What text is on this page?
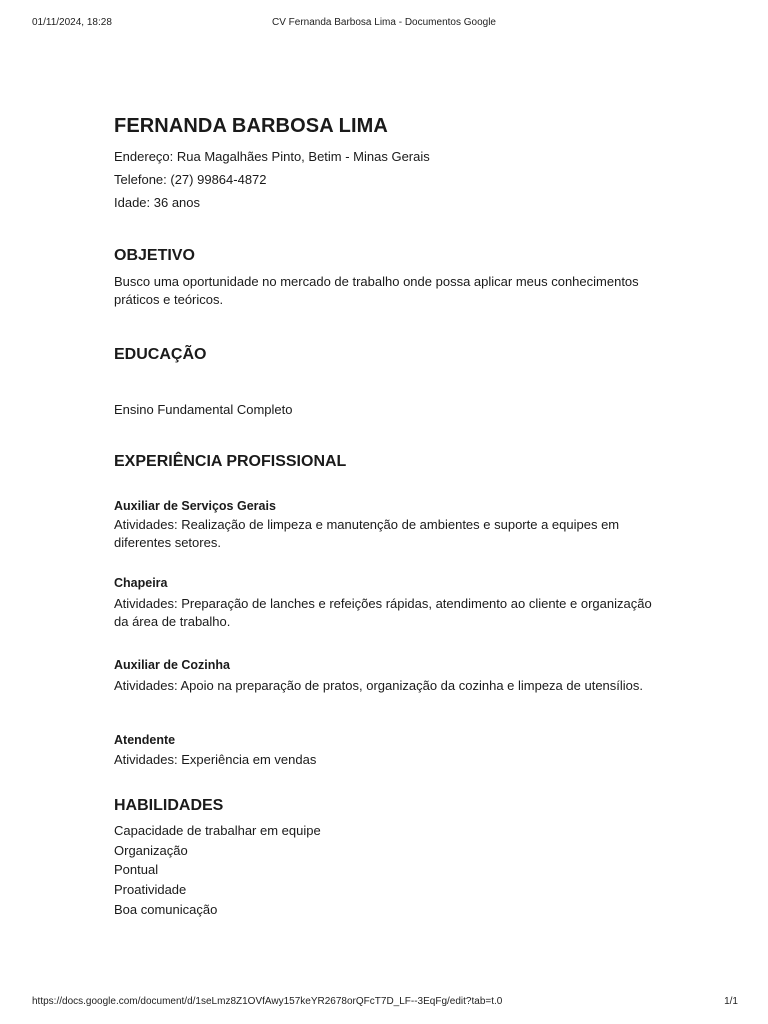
01/11/2024, 18:28	CV Fernanda Barbosa Lima - Documentos Google
FERNANDA BARBOSA LIMA
Endereço: Rua Magalhães Pinto, Betim - Minas Gerais
Telefone: (27) 99864-4872
Idade: 36 anos
OBJETIVO
Busco uma oportunidade no mercado de trabalho onde possa aplicar meus conhecimentos práticos e teóricos.
EDUCAÇÃO
Ensino Fundamental Completo
EXPERIÊNCIA PROFISSIONAL
Auxiliar de Serviços Gerais
Atividades: Realização de limpeza e manutenção de ambientes e suporte a equipes em diferentes setores.
Chapeira
Atividades: Preparação de lanches e refeições rápidas, atendimento ao cliente e organização da área de trabalho.
Auxiliar de Cozinha
Atividades: Apoio na preparação de pratos, organização da cozinha e limpeza de utensílios.
Atendente
Atividades: Experiência em vendas
HABILIDADES
Capacidade de trabalhar em equipe
Organização
Pontual
Proatividade
Boa comunicação
https://docs.google.com/document/d/1seLmz8Z1OVfAwy157keYR2678orQFcT7D_LF--3EqFg/edit?tab=t.0	1/1
